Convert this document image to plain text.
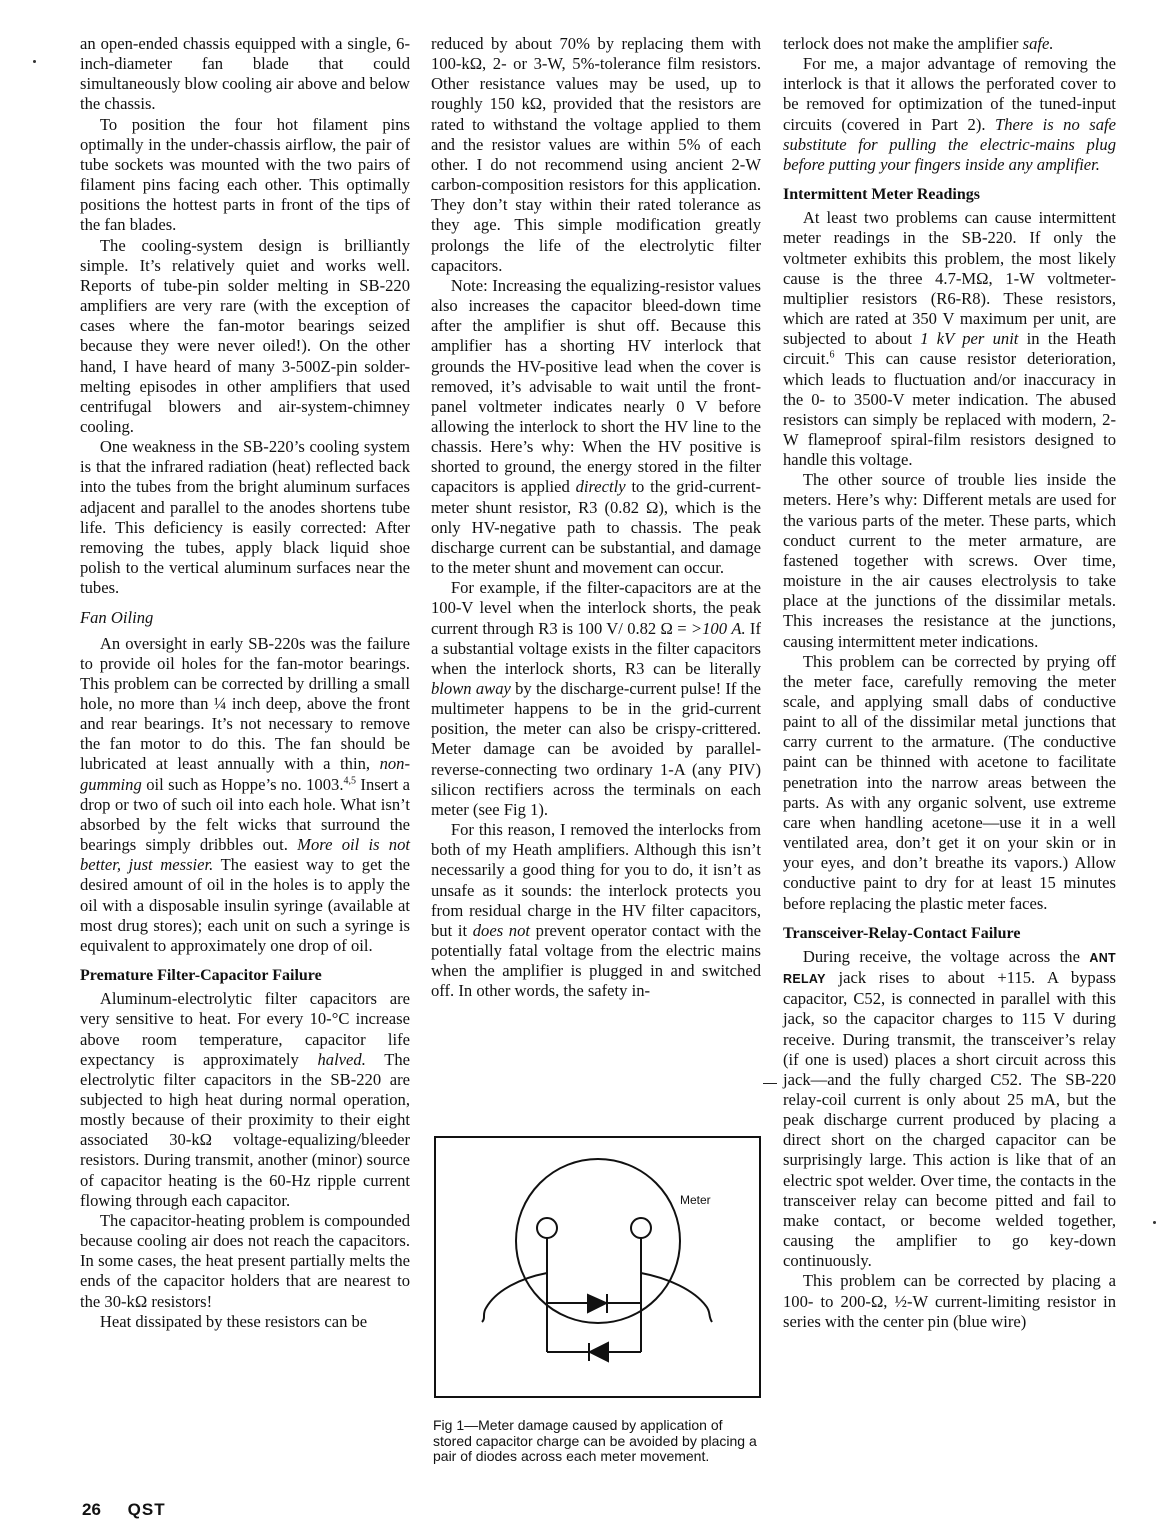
an open-ended chassis equipped with a single, 6-inch-diameter fan blade that could simultaneously blow cooling air above and below the chassis.

To position the four hot filament pins optimally in the under-chassis airflow, the pair of tube sockets was mounted with the two pairs of filament pins facing each other. This optimally positions the hottest parts in front of the tips of the fan blades.

The cooling-system design is brilliantly simple. It’s relatively quiet and works well. Reports of tube-pin solder melting in SB-220 amplifiers are very rare (with the exception of cases where the fan-motor bearings seized because they were never oiled!). On the other hand, I have heard of many 3-500Z-pin solder-melting episodes in other amplifiers that used centrifugal blowers and air-system-chimney cooling.

One weakness in the SB-220’s cooling system is that the infrared radiation (heat) reflected back into the tubes from the bright aluminum surfaces adjacent and parallel to the anodes shortens tube life. This deficiency is easily corrected: After removing the tubes, apply black liquid shoe polish to the vertical aluminum surfaces near the tubes.

Fan Oiling

An oversight in early SB-220s was the failure to provide oil holes for the fan-motor bearings. This problem can be corrected by drilling a small hole, no more than ¼ inch deep, above the front and rear bearings. It’s not necessary to remove the fan motor to do this. The fan should be lubricated at least annually with a thin, non-gumming oil such as Hoppe’s no. 1003.$^{4,5}$ Insert a drop or two of such oil into each hole. What isn’t absorbed by the felt wicks that surround the bearings simply dribbles out. More oil is not better, just messier. The easiest way to get the desired amount of oil in the holes is to apply the oil with a disposable insulin syringe (available at most drug stores); each unit on such a syringe is equivalent to approximately one drop of oil.

Premature Filter-Capacitor Failure

Aluminum-electrolytic filter capacitors are very sensitive to heat. For every 10-°C increase above room temperature, capacitor life expectancy is approximately halved. The electrolytic filter capacitors in the SB-220 are subjected to high heat during normal operation, mostly because of their proximity to their eight associated 30-kΩ voltage-equalizing/bleeder resistors. During transmit, another (minor) source of capacitor heating is the 60-Hz ripple current flowing through each capacitor.

The capacitor-heating problem is compounded because cooling air does not reach the capacitors. In some cases, the heat present partially melts the ends of the capacitor holders that are nearest to the 30-kΩ resistors!

Heat dissipated by these resistors can be

reduced by about 70% by replacing them with 100-kΩ, 2- or 3-W, 5%-tolerance film resistors. Other resistance values may be used, up to roughly 150 kΩ, provided that the resistors are rated to withstand the voltage applied to them and the resistor values are within 5% of each other. I do not recommend using ancient 2-W carbon-composition resistors for this application. They don’t stay within their rated tolerance as they age. This simple modification greatly prolongs the life of the electrolytic filter capacitors.

Note: Increasing the equalizing-resistor values also increases the capacitor bleed-down time after the amplifier is shut off. Because this amplifier has a shorting HV interlock that grounds the HV-positive lead when the cover is removed, it’s advisable to wait until the front-panel voltmeter indicates nearly 0 V before allowing the interlock to short the HV line to the chassis. Here’s why: When the HV positive is shorted to ground, the energy stored in the filter capacitors is applied directly to the grid-current-meter shunt resistor, R3 (0.82 Ω), which is the only HV-negative path to chassis. The peak discharge current can be substantial, and damage to the meter shunt and movement can occur.

For example, if the filter-capacitors are at the 100-V level when the interlock shorts, the peak current through R3 is 100 V/ 0.82 Ω = >100 A. If a substantial voltage exists in the filter capacitors when the interlock shorts, R3 can be literally blown away by the discharge-current pulse! If the multimeter happens to be in the grid-current position, the meter can also be crispy-crittered. Meter damage can be avoided by parallel-reverse-connecting two ordinary 1-A (any PIV) silicon rectifiers across the terminals on each meter (see Fig 1).

For this reason, I removed the interlocks from both of my Heath amplifiers. Although this isn’t necessarily a good thing for you to do, it isn’t as unsafe as it sounds: the interlock protects you from residual charge in the HV filter capacitors, but it does not prevent operator contact with the potentially fatal voltage from the electric mains when the amplifier is plugged in and switched off. In other words, the safety in-

Meter
Fig 1—Meter damage caused by application of stored capacitor charge can be avoided by placing a pair of diodes across each meter movement.

terlock does not make the amplifier safe.

For me, a major advantage of removing the interlock is that it allows the perforated cover to be removed for optimization of the tuned-input circuits (covered in Part 2). There is no safe substitute for pulling the electric-mains plug before putting your fingers inside any amplifier.

Intermittent Meter Readings

At least two problems can cause intermittent meter readings in the SB-220. If only the voltmeter exhibits this problem, the most likely cause is the three 4.7-MΩ, 1-W voltmeter-multiplier resistors (R6-R8). These resistors, which are rated at 350 V maximum per unit, are subjected to about 1 kV per unit in the Heath circuit.$^6$ This can cause resistor deterioration, which leads to fluctuation and/or inaccuracy in the 0- to 3500-V meter indication. The abused resistors can simply be replaced with modern, 2-W flameproof spiral-film resistors designed to handle this voltage.

The other source of trouble lies inside the meters. Here’s why: Different metals are used for the various parts of the meter. These parts, which conduct current to the meter armature, are fastened together with screws. Over time, moisture in the air causes electrolysis to take place at the junctions of the dissimilar metals. This increases the resistance at the junctions, causing intermittent meter indications.

This problem can be corrected by prying off the meter face, carefully removing the meter scale, and applying small dabs of conductive paint to all of the dissimilar metal junctions that carry current to the armature. (The conductive paint can be thinned with acetone to facilitate penetration into the narrow areas between the parts. As with any organic solvent, use extreme care when handling acetone—use it in a well ventilated area, don’t get it on your skin or in your eyes, and don’t breathe its vapors.) Allow conductive paint to dry for at least 15 minutes before replacing the plastic meter faces.

Transceiver-Relay-Contact Failure

During receive, the voltage across the ANT RELAY jack rises to about +115. A bypass capacitor, C52, is connected in parallel with this jack, so the capacitor charges to 115 V during receive. During transmit, the transceiver’s relay (if one is used) places a short circuit across this jack—and the fully charged C52. The SB-220 relay-coil current is only about 25 mA, but the peak discharge current produced by placing a direct short on the charged capacitor can be surprisingly large. This action is like that of an electric spot welder. Over time, the contacts in the transceiver relay can become pitted and fail to make contact, or become welded together, causing the amplifier to go key-down continuously.

This problem can be corrected by placing a 100- to 200-Ω, ½-W current-limiting resistor in series with the center pin (blue wire)

26 QST
